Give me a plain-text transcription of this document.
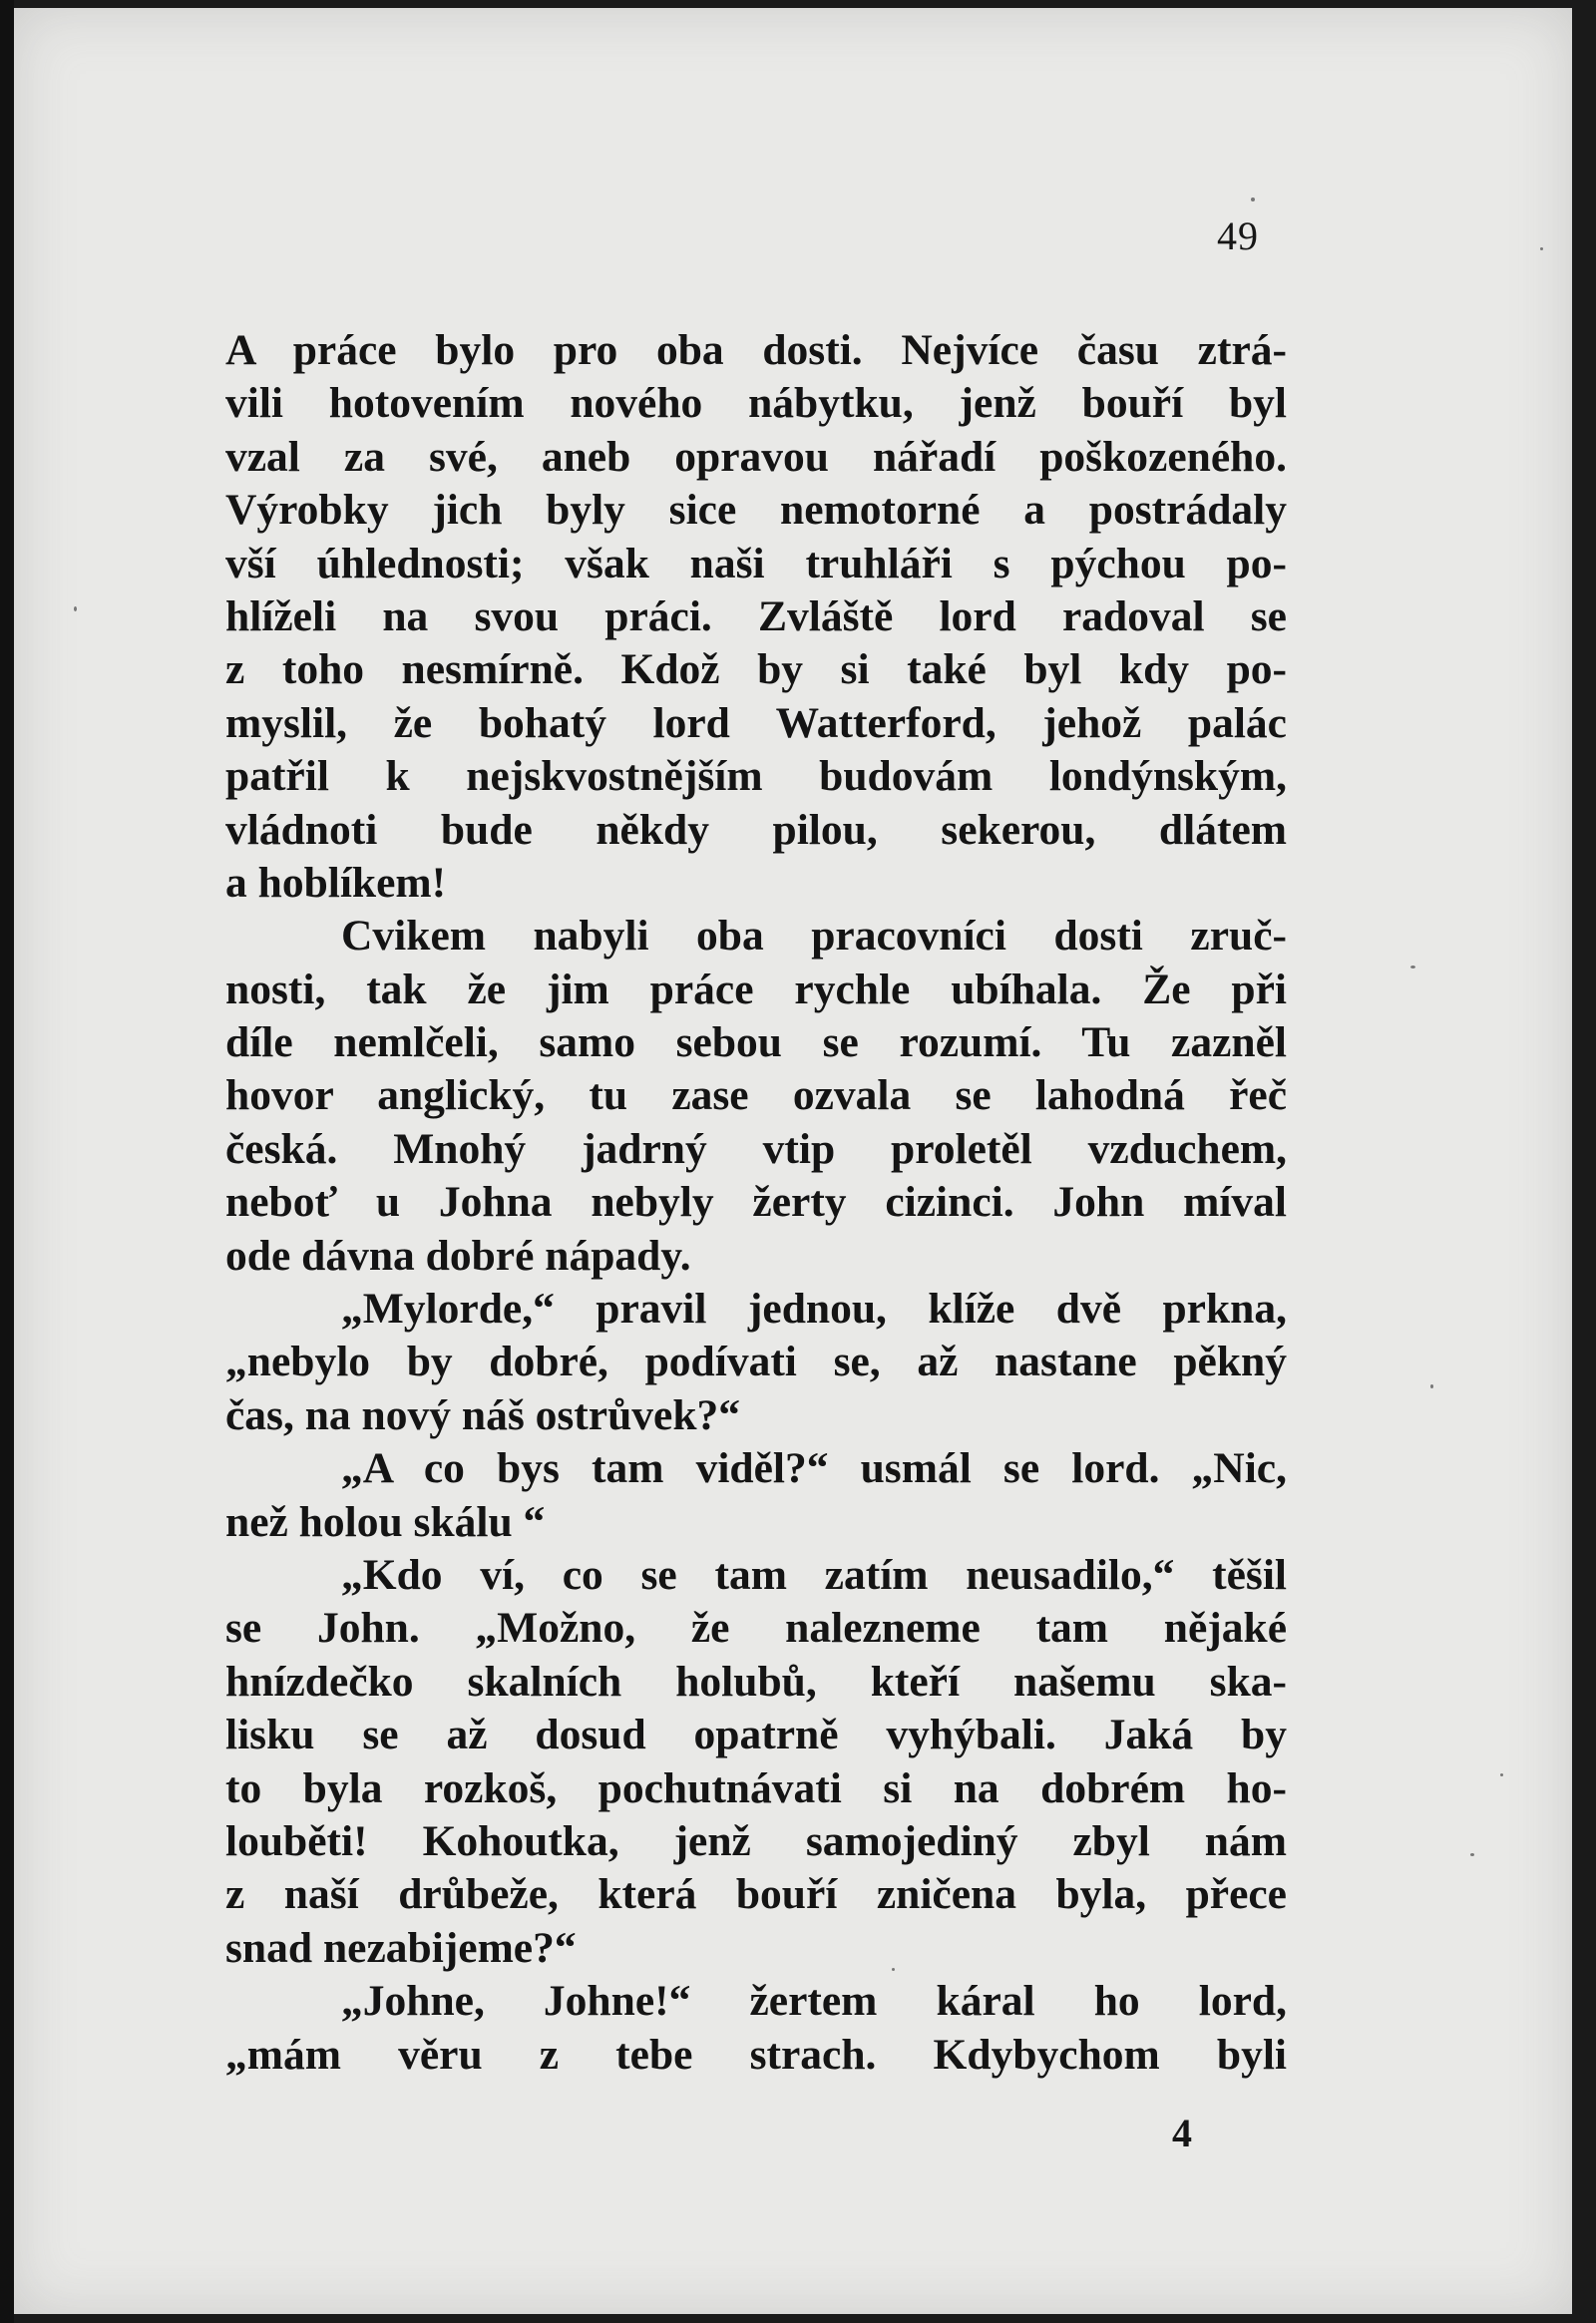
49
A práce bylo pro oba dosti. Nejvíce času ztrá-
vili hotovením nového nábytku, jenž bouří byl
vzal za své, aneb opravou nářadí poškozeného.
Výrobky jich byly sice nemotorné a postrádaly
vší úhlednosti; však naši truhláři s pýchou po-
hlíželi na svou práci. Zvláště lord radoval se
z toho nesmírně. Kdož by si také byl kdy po-
myslil, že bohatý lord Watterford, jehož palác
patřil k nejskvostnějším budovám londýnským,
vládnoti bude někdy pilou, sekerou, dlátem
a hoblíkem!
Cvikem nabyli oba pracovníci dosti zruč-
nosti, tak že jim práce rychle ubíhala. Že při
díle nemlčeli, samo sebou se rozumí. Tu zazněl
hovor anglický, tu zase ozvala se lahodná řeč
česká. Mnohý jadrný vtip proletěl vzduchem,
neboť u Johna nebyly žerty cizinci. John míval
ode dávna dobré nápady.
„Mylorde,“ pravil jednou, klíže dvě prkna,
„nebylo by dobré, podívati se, až nastane pěkný
čas, na nový náš ostrůvek?“
„A co bys tam viděl?“ usmál se lord. „Nic,
než holou skálu “
„Kdo ví, co se tam zatím neusadilo,“ těšil
se John. „Možno, že nalezneme tam nějaké
hnízdečko skalních holubů, kteří našemu ska-
lisku se až dosud opatrně vyhýbali. Jaká by
to byla rozkoš, pochutnávati si na dobrém ho-
louběti! Kohoutka, jenž samojediný zbyl nám
z naší drůbeže, která bouří zničena byla, přece
snad nezabijeme?“
„Johne, Johne!“ žertem káral ho lord,
„mám věru z tebe strach. Kdybychom byli
4
